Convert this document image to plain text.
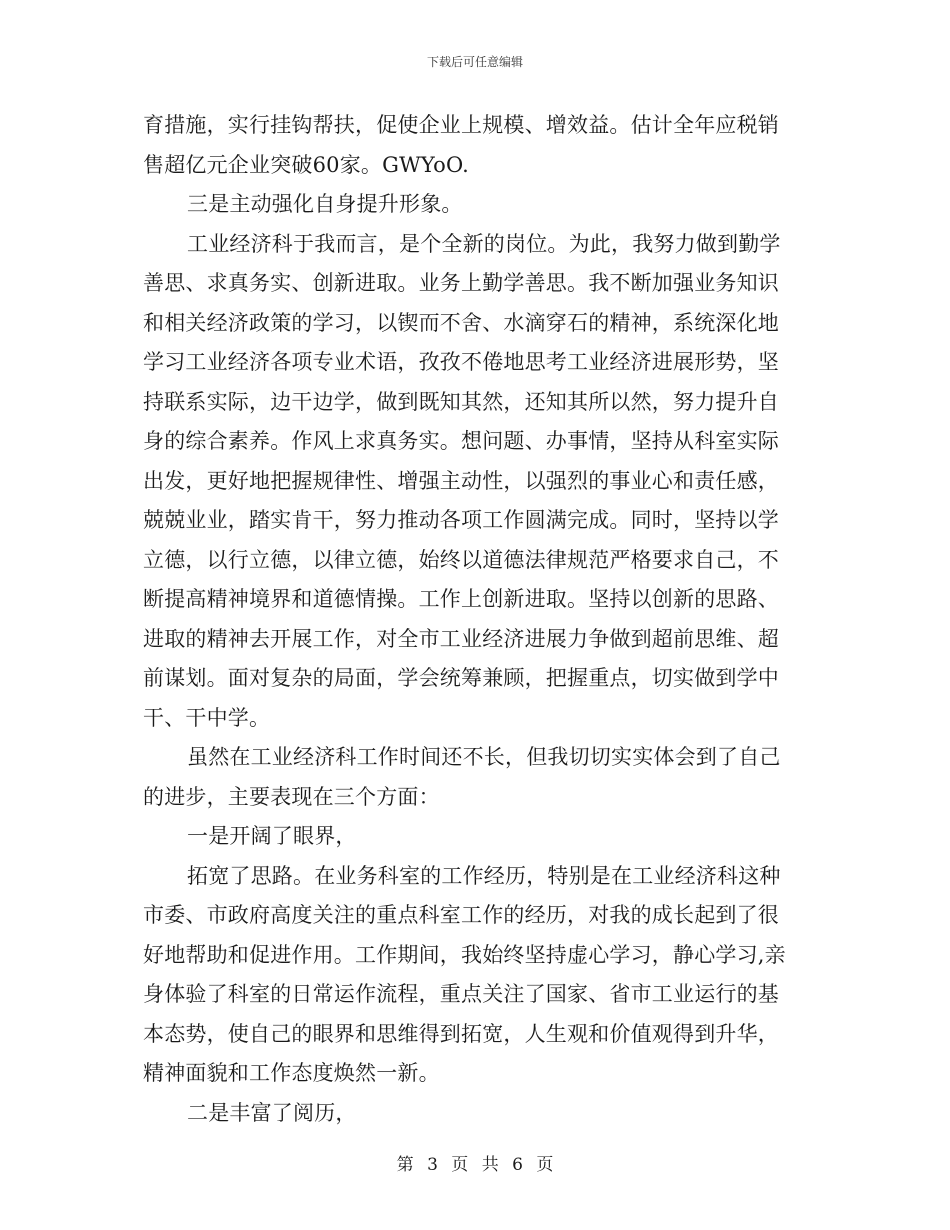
下载后可任意编辑
育措施，实行挂钩帮扶，促使企业上规模、增效益。估计全年应税销
售超亿元企业突破60家。GWYoO.
三是主动强化自身提升形象。
工业经济科于我而言，是个全新的岗位。为此，我努力做到勤学
善思、求真务实、创新进取。业务上勤学善思。我不断加强业务知识
和相关经济政策的学习，以锲而不舍、水滴穿石的精神，系统深化地
学习工业经济各项专业术语，孜孜不倦地思考工业经济进展形势，坚
持联系实际，边干边学，做到既知其然，还知其所以然，努力提升自
身的综合素养。作风上求真务实。想问题、办事情，坚持从科室实际
出发，更好地把握规律性、增强主动性，以强烈的事业心和责任感，
兢兢业业，踏实肯干，努力推动各项工作圆满完成。同时，坚持以学
立德，以行立德，以律立德，始终以道德法律规范严格要求自己，不
断提高精神境界和道德情操。工作上创新进取。坚持以创新的思路、
进取的精神去开展工作，对全市工业经济进展力争做到超前思维、超
前谋划。面对复杂的局面，学会统筹兼顾，把握重点，切实做到学中
干、干中学。
虽然在工业经济科工作时间还不长，但我切切实实体会到了自己
的进步，主要表现在三个方面：
一是开阔了眼界，
拓宽了思路。在业务科室的工作经历，特别是在工业经济科这种
市委、市政府高度关注的重点科室工作的经历，对我的成长起到了很
好地帮助和促进作用。工作期间，我始终坚持虚心学习，静心学习,亲
身体验了科室的日常运作流程，重点关注了国家、省市工业运行的基
本态势，使自己的眼界和思维得到拓宽，人生观和价值观得到升华，
精神面貌和工作态度焕然一新。
二是丰富了阅历，
第 3 页 共 6 页
